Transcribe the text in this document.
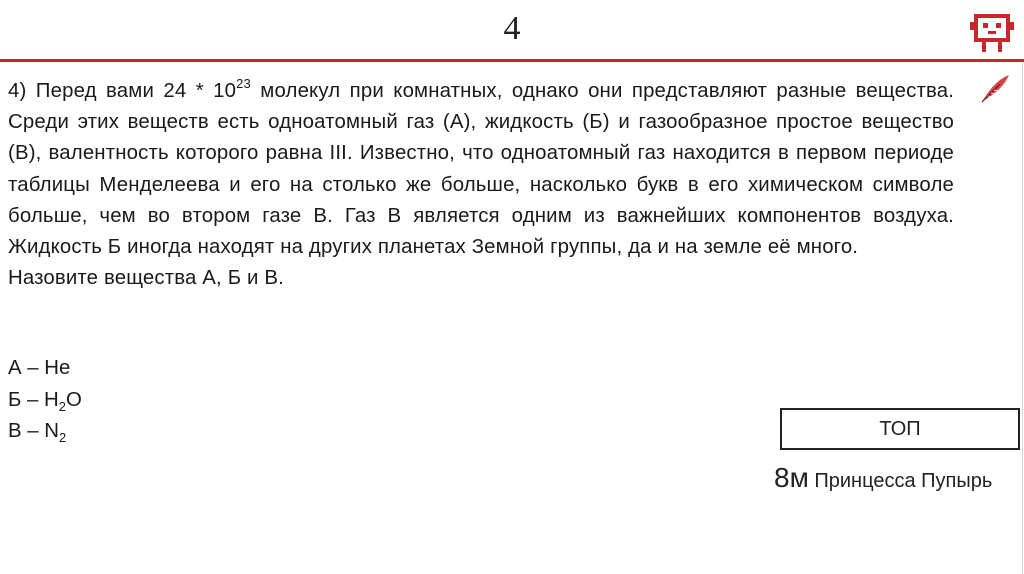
4

4) Перед вами $24 * 10^{23}$ молекул при комнатных, однако они представляют разные вещества. Среди этих веществ есть одноатомный газ (А), жидкость (Б) и газообразное простое вещество (В), валентность которого равна III. Известно, что одноатомный газ находится в первом периоде таблицы Менделеева и его на столько же больше, насколько букв в его химическом символе больше, чем во втором газе В. Газ В является одним из важнейших компонентов воздуха. Жидкость Б иногда находят на других планетах Земной группы, да и на земле её много.

Назовите вещества А, Б и В.

А – Не
Б – $H_2O$
В – $N_2$	ТОП
8м Принцесса Пупырь
